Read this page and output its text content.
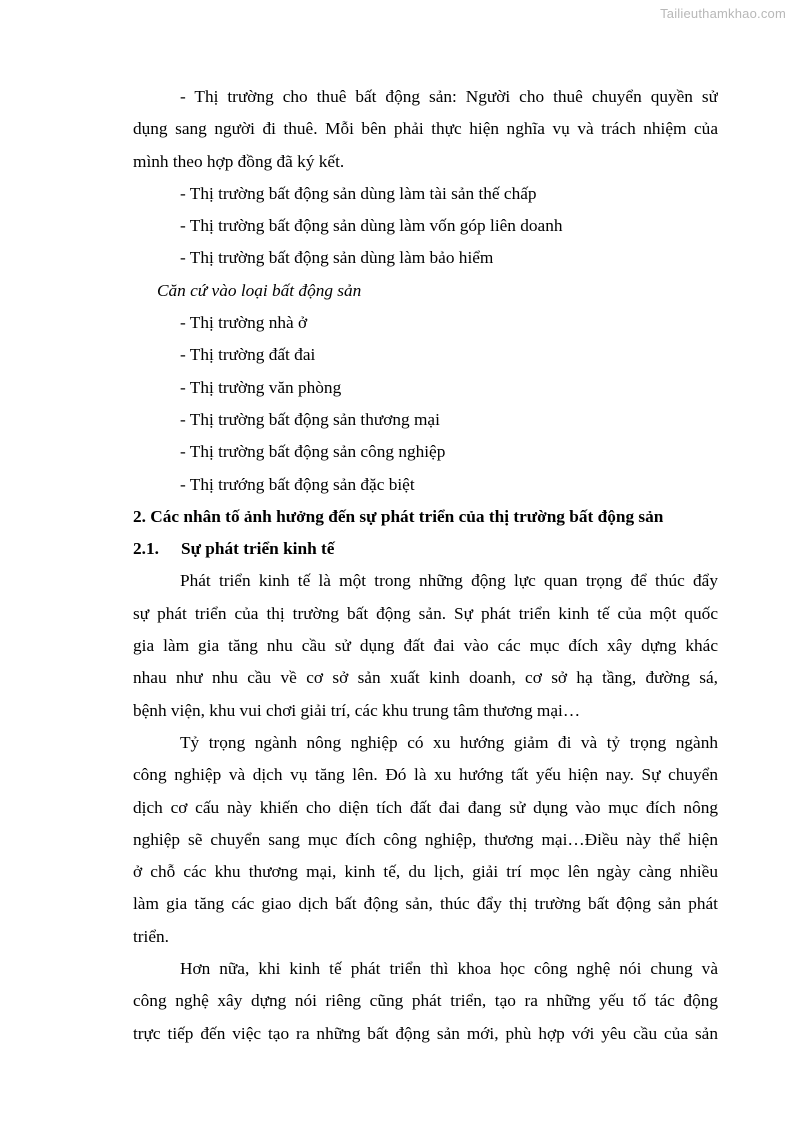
Tailieuthamkhao.com
- Thị trường cho thuê bất động sản: Người cho thuê chuyển quyền sử
dụng sang người đi thuê. Mỗi bên phải thực hiện nghĩa vụ và trách nhiệm của
mình theo hợp đồng đã ký kết.
- Thị trường bất động sản dùng làm tài sản thế chấp
- Thị trường bất động sản dùng làm vốn góp liên doanh
- Thị trường bất động sản dùng làm bảo hiểm
Căn cứ vào loại bất động sản
- Thị trường nhà ở
- Thị trường đất đai
- Thị trường văn phòng
- Thị trường bất động sản thương mại
- Thị trường bất động sản công nghiệp
- Thị trướng bất động sản đặc biệt
2. Các nhân tố ảnh hưởng đến sự phát triển của thị trường bất động sản
2.1. Sự phát triển kinh tế
Phát triển kinh tế là một trong những động lực quan trọng để thúc đẩy
sự phát triển của thị trường bất động sản. Sự phát triển kinh tế của một quốc
gia làm gia tăng nhu cầu sử dụng đất đai vào các mục đích xây dựng khác
nhau như nhu cầu về cơ sở sản xuất kinh doanh, cơ sở hạ tầng, đường sá,
bệnh viện, khu vui chơi giải trí, các khu trung tâm thương mại…
Tỷ trọng ngành nông nghiệp có xu hướng giảm đi và tỷ trọng ngành
công nghiệp và dịch vụ tăng lên. Đó là xu hướng tất yếu hiện nay. Sự chuyển
dịch cơ cấu này khiến cho diện tích đất đai đang sử dụng vào mục đích nông
nghiệp sẽ chuyển sang mục đích công nghiệp, thương mại…Điều này thể hiện
ở chỗ các khu thương mại, kinh tế, du lịch, giải trí mọc lên ngày càng nhiều
làm gia tăng các giao dịch bất động sản, thúc đẩy thị trường bất động sản phát
triển.
Hơn nữa, khi kinh tế phát triển thì khoa học công nghệ nói chung và
công nghệ xây dựng nói riêng cũng phát triển, tạo ra những yếu tố tác động
trực tiếp đến việc tạo ra những bất động sản mới, phù hợp với yêu cầu của sản
